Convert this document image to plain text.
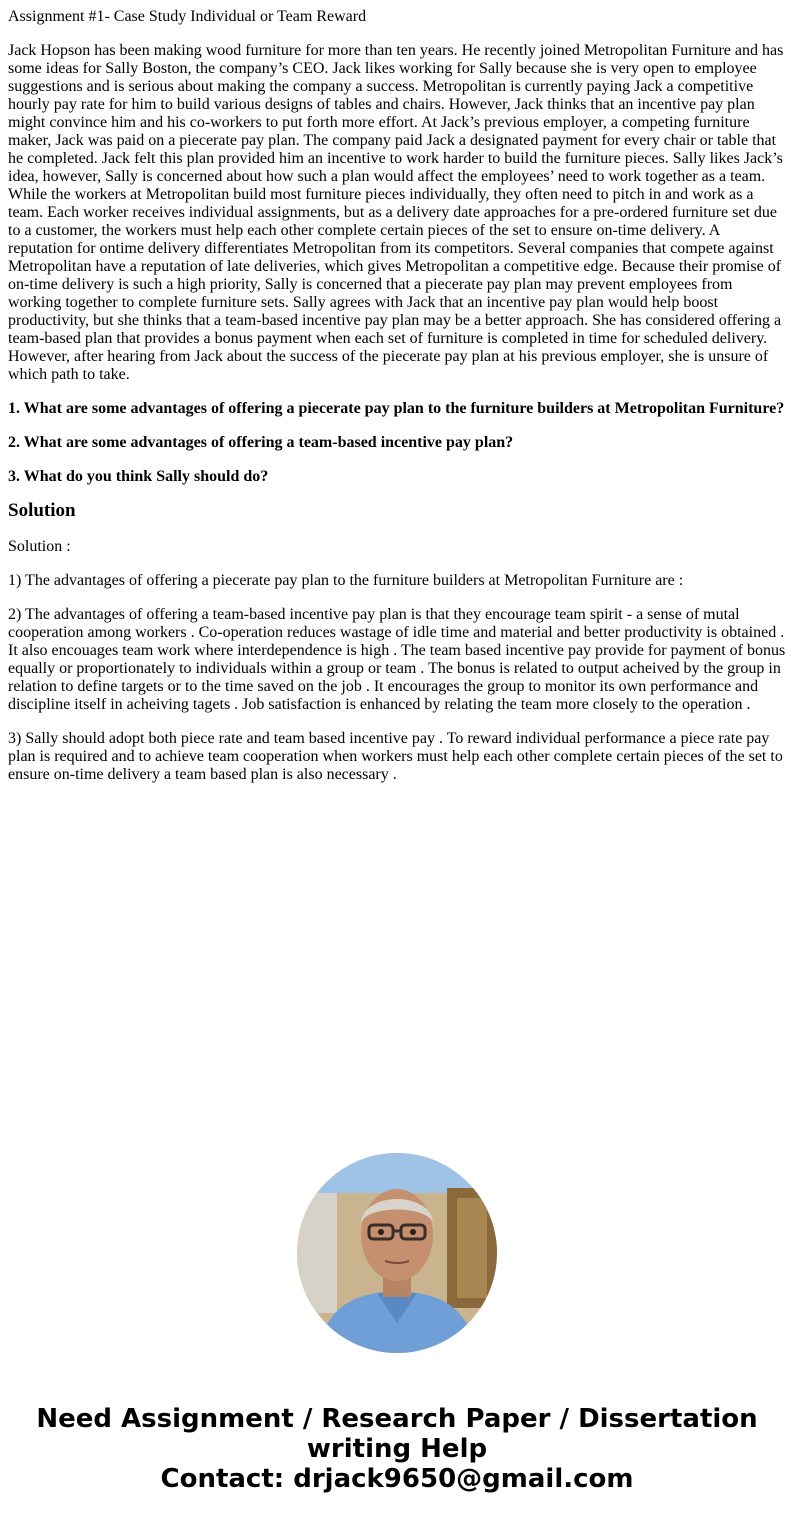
Assignment #1- Case Study Individual or Team Reward

Jack Hopson has been making wood furniture for more than ten years. He recently joined Metropolitan Furniture and has some ideas for Sally Boston, the company’s CEO. Jack likes working for Sally because she is very open to employee suggestions and is serious about making the company a success. Metropolitan is currently paying Jack a competitive hourly pay rate for him to build various designs of tables and chairs. However, Jack thinks that an incentive pay plan might convince him and his co-workers to put forth more effort. At Jack’s previous employer, a competing furniture maker, Jack was paid on a piecerate pay plan. The company paid Jack a designated payment for every chair or table that he completed. Jack felt this plan provided him an incentive to work harder to build the furniture pieces. Sally likes Jack’s idea, however, Sally is concerned about how such a plan would affect the employees’ need to work together as a team. While the workers at Metropolitan build most furniture pieces individually, they often need to pitch in and work as a team. Each worker receives individual assignments, but as a delivery date approaches for a pre-ordered furniture set due to a customer, the workers must help each other complete certain pieces of the set to ensure on-time delivery. A reputation for ontime delivery differentiates Metropolitan from its competitors. Several companies that compete against Metropolitan have a reputation of late deliveries, which gives Metropolitan a competitive edge. Because their promise of on-time delivery is such a high priority, Sally is concerned that a piecerate pay plan may prevent employees from working together to complete furniture sets. Sally agrees with Jack that an incentive pay plan would help boost productivity, but she thinks that a team-based incentive pay plan may be a better approach. She has considered offering a team-based plan that provides a bonus payment when each set of furniture is completed in time for scheduled delivery. However, after hearing from Jack about the success of the piecerate pay plan at his previous employer, she is unsure of which path to take.

1. What are some advantages of offering a piecerate pay plan to the furniture builders at Metropolitan Furniture?

2. What are some advantages of offering a team-based incentive pay plan?

3. What do you think Sally should do?

Solution

Solution :

1) The advantages of offering a piecerate pay plan to the furniture builders at Metropolitan Furniture are :

2) The advantages of offering a team-based incentive pay plan is that they encourage team spirit - a sense of mutal cooperation among workers . Co-operation reduces wastage of idle time and material and better productivity is obtained . It also encouages team work where interdependence is high . The team based incentive pay provide for payment of bonus equally or proportionately to individuals within a group or team . The bonus is related to output acheived by the group in relation to define targets or to the time saved on the job . It encourages the group to monitor its own performance and discipline itself in acheiving tagets . Job satisfaction is enhanced by relating the team more closely to the operation .

3) Sally should adopt both piece rate and team based incentive pay . To reward individual performance a piece rate pay plan is required and to achieve team cooperation when workers must help each other complete certain pieces of the set to ensure on-time delivery a team based plan is also necessary .

Need Assignment / Research Paper / Dissertation
writing Help
Contact: drjack9650@gmail.com
